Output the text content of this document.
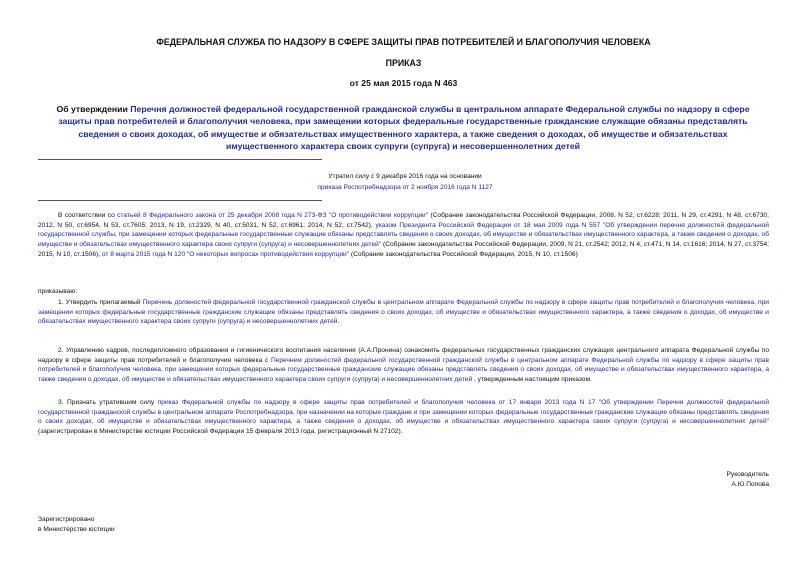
ФЕДЕРАЛЬНАЯ СЛУЖБА ПО НАДЗОРУ В СФЕРЕ ЗАЩИТЫ ПРАВ ПОТРЕБИТЕЛЕЙ И БЛАГОПОЛУЧИЯ ЧЕЛОВЕКА
ПРИКАЗ
от 25 мая 2015 года N 463
Об утверждении Перечня должностей федеральной государственной гражданской службы в центральном аппарате Федеральной службы по надзору в сфере защиты прав потребителей и благополучия человека, при замещении которых федеральные государственные гражданские служащие обязаны представлять сведения о своих доходах, об имуществе и обязательствах имущественного характера, а также сведения о доходах, об имуществе и обязательствах имущественного характера своих супруги (супруга) и несовершеннолетних детей
Утратил силу с 9 декабря 2016 года на основании
приказа Роспотребнадзора от 2 ноября 2016 года N 1127
В соответствии со статьей 8 Федерального закона от 25 декабря 2008 года N 273-ФЗ "О противодействии коррупции" (Собрание законодательства Российской Федерации, 2008, N 52, ст.6228; 2011, N 29, ст.4291, N 48, ст.6730; 2012, N 50, ст.6954, N 53, ст.7605; 2013, N 19, ст.2329, N 40, ст.5031, N 52, ст.6961; 2014, N 52, ст.7542), указом Президента Российской Федерации от 18 мая 2009 года N 557 "Об утверждении перечня должностей федеральной государственной службы, при замещении которых федеральные государственные служащие обязаны представлять сведения о своих доходах, об имуществе и обязательствах имущественного характера, а также сведения о доходах, об имуществе и обязательствах имущественного характера своих супруги (супруга) и несовершеннолетних детей" (Собрание законодательства Российской Федерации, 2009, N 21, ст.2542; 2012, N 4, ст.471, N 14, ст.1616; 2014, N 27, ст.3754; 2015, N 10, ст.1506), от 8 марта 2015 года N 120 "О некоторых вопросах противодействия коррупции" (Собрание законодательства Российской Федерации, 2015, N 10, ст.1506)
приказываю:
1. Утвердить прилагаемый Перечень должностей федеральной государственной гражданской службы в центральном аппарате Федеральной службы по надзору в сфере защиты прав потребителей и благополучия человека, при замещении которых федеральные государственные гражданские служащие обязаны представлять сведения о своих доходах, об имуществе и обязательствах имущественного характера, а также сведения о доходах, об имуществе и обязательствах имущественного характера своих супруги (супруга) и несовершеннолетних детей.
2. Управлению кадров, последипломного образования и гигиенического воспитания населения (А.А.Пронина) ознакомить федеральных государственных гражданских служащих центрального аппарата Федеральной службы по надзору в сфере защиты прав потребителей и благополучия человека с Перечнем должностей федеральной государственной гражданской службы в центральном аппарате Федеральной службы по надзору в сфере защиты прав потребителей и благополучия человека, при замещении которых федеральные государственные гражданские служащие обязаны представлять сведения о своих доходах, об имуществе и обязательствах имущественного характера, а также сведения о доходах, об имуществе и обязательствах имущественного характера своих супруги (супруга) и несовершеннолетних детей , утвержденным настоящим приказом.
3. Признать утратившим силу приказ Федеральной службы по надзору в сфере защиты прав потребителей и благополучия человека от 17 января 2013 года N 17 "Об утверждении Перечня должностей федеральной государственной гражданской службы в центральном аппарате Роспотребнадзора, при назначении на которые граждане и при замещении которых федеральные государственные гражданские служащие обязаны представлять сведения о своих доходах, об имуществе и обязательствах имущественного характера, а также сведения о доходах, об имуществе и обязательствах имущественного характера своих супруги (супруга) и несовершеннолетних детей" (зарегистрирован в Министерстве юстиции Российской Федерации 15 февраля 2013 года, регистрационный N 27102).
Руководитель
А.Ю.Попова
Зарегистрировано
в Министерстве юстиции
